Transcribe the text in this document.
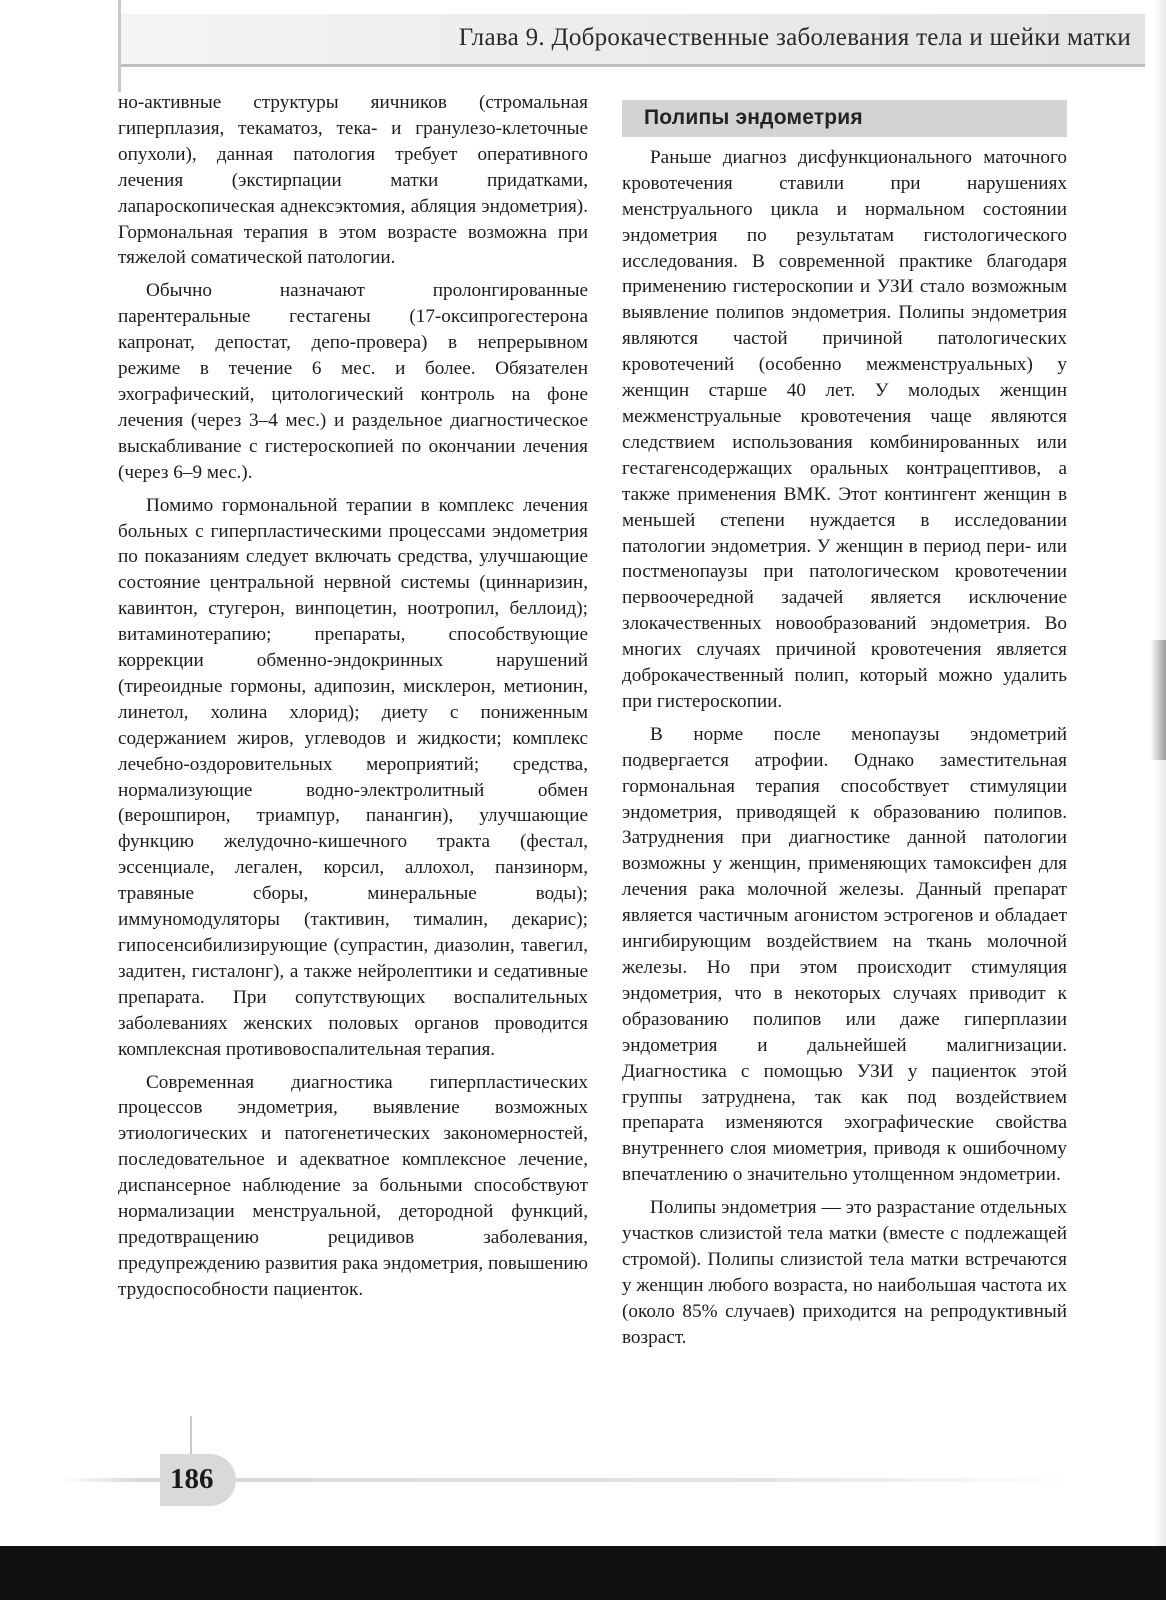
Глава 9. Доброкачественные заболевания тела и шейки матки

но-активные структуры яичников (стромальная гиперплазия, текаматоз, тека- и гранулезо-клеточные опухоли), данная патология требует оперативного лечения (экстирпации матки придатками, лапароскопическая аднексэктомия, абляция эндометрия). Гормональная терапия в этом возрасте возможна при тяжелой соматической патологии.

Обычно назначают пролонгированные парентеральные гестагены (17-оксипрогестерона капронат, депостат, депо-провера) в непрерывном режиме в течение 6 мес. и более. Обязателен эхографический, цитологический контроль на фоне лечения (через 3–4 мес.) и раздельное диагностическое выскабливание с гистероскопией по окончании лечения (через 6–9 мес.).

Помимо гормональной терапии в комплекс лечения больных с гиперпластическими процессами эндометрия по показаниям следует включать средства, улучшающие состояние центральной нервной системы (циннаризин, кавинтон, стугерон, винпоцетин, ноотропил, беллоид); витаминотерапию; препараты, способствующие коррекции обменно-эндокринных нарушений (тиреоидные гормоны, адипозин, мисклерон, метионин, линетол, холина хлорид); диету с пониженным содержанием жиров, углеводов и жидкости; комплекс лечебно-оздоровительных мероприятий; средства, нормализующие водно-электролитный обмен (верошпирон, триампур, панангин), улучшающие функцию желудочно-кишечного тракта (фестал, эссенциале, легален, корсил, аллохол, панзинорм, травяные сборы, минеральные воды); иммуномодуляторы (тактивин, тималин, декарис); гипосенсибилизирующие (супрастин, диазолин, тавегил, задитен, гисталонг), а также нейролептики и седативные препарата. При сопутствующих воспалительных заболеваниях женских половых органов проводится комплексная противовоспалительная терапия.

Современная диагностика гиперпластических процессов эндометрия, выявление возможных этиологических и патогенетических закономерностей, последовательное и адекватное комплексное лечение, диспансерное наблюдение за больными способствуют нормализации менструальной, детородной функций, предотвращению рецидивов заболевания, предупреждению развития рака эндометрия, повышению трудоспособности пациенток.

Полипы эндометрия

Раньше диагноз дисфункционального маточного кровотечения ставили при нарушениях менструального цикла и нормальном состоянии эндометрия по результатам гистологического исследования. В современной практике благодаря применению гистероскопии и УЗИ стало возможным выявление полипов эндометрия. Полипы эндометрия являются частой причиной патологических кровотечений (особенно межменструальных) у женщин старше 40 лет. У молодых женщин межменструальные кровотечения чаще являются следствием использования комбинированных или гестагенсодержащих оральных контрацептивов, а также применения ВМК. Этот контингент женщин в меньшей степени нуждается в исследовании патологии эндометрия. У женщин в период пери- или постменопаузы при патологическом кровотечении первоочередной задачей является исключение злокачественных новообразований эндометрия. Во многих случаях причиной кровотечения является доброкачественный полип, который можно удалить при гистероскопии.

В норме после менопаузы эндометрий подвергается атрофии. Однако заместительная гормональная терапия способствует стимуляции эндометрия, приводящей к образованию полипов. Затруднения при диагностике данной патологии возможны у женщин, применяющих тамоксифен для лечения рака молочной железы. Данный препарат является частичным агонистом эстрогенов и обладает ингибирующим воздействием на ткань молочной железы. Но при этом происходит стимуляция эндометрия, что в некоторых случаях приводит к образованию полипов или даже гиперплазии эндометрия и дальнейшей малигнизации. Диагностика с помощью УЗИ у пациенток этой группы затруднена, так как под воздействием препарата изменяются эхографические свойства внутреннего слоя миометрия, приводя к ошибочному впечатлению о значительно утолщенном эндометрии.

Полипы эндометрия — это разрастание отдельных участков слизистой тела матки (вместе с подлежащей стромой). Полипы слизистой тела матки встречаются у женщин любого возраста, но наибольшая частота их (около 85% случаев) приходится на репродуктивный возраст.

186
